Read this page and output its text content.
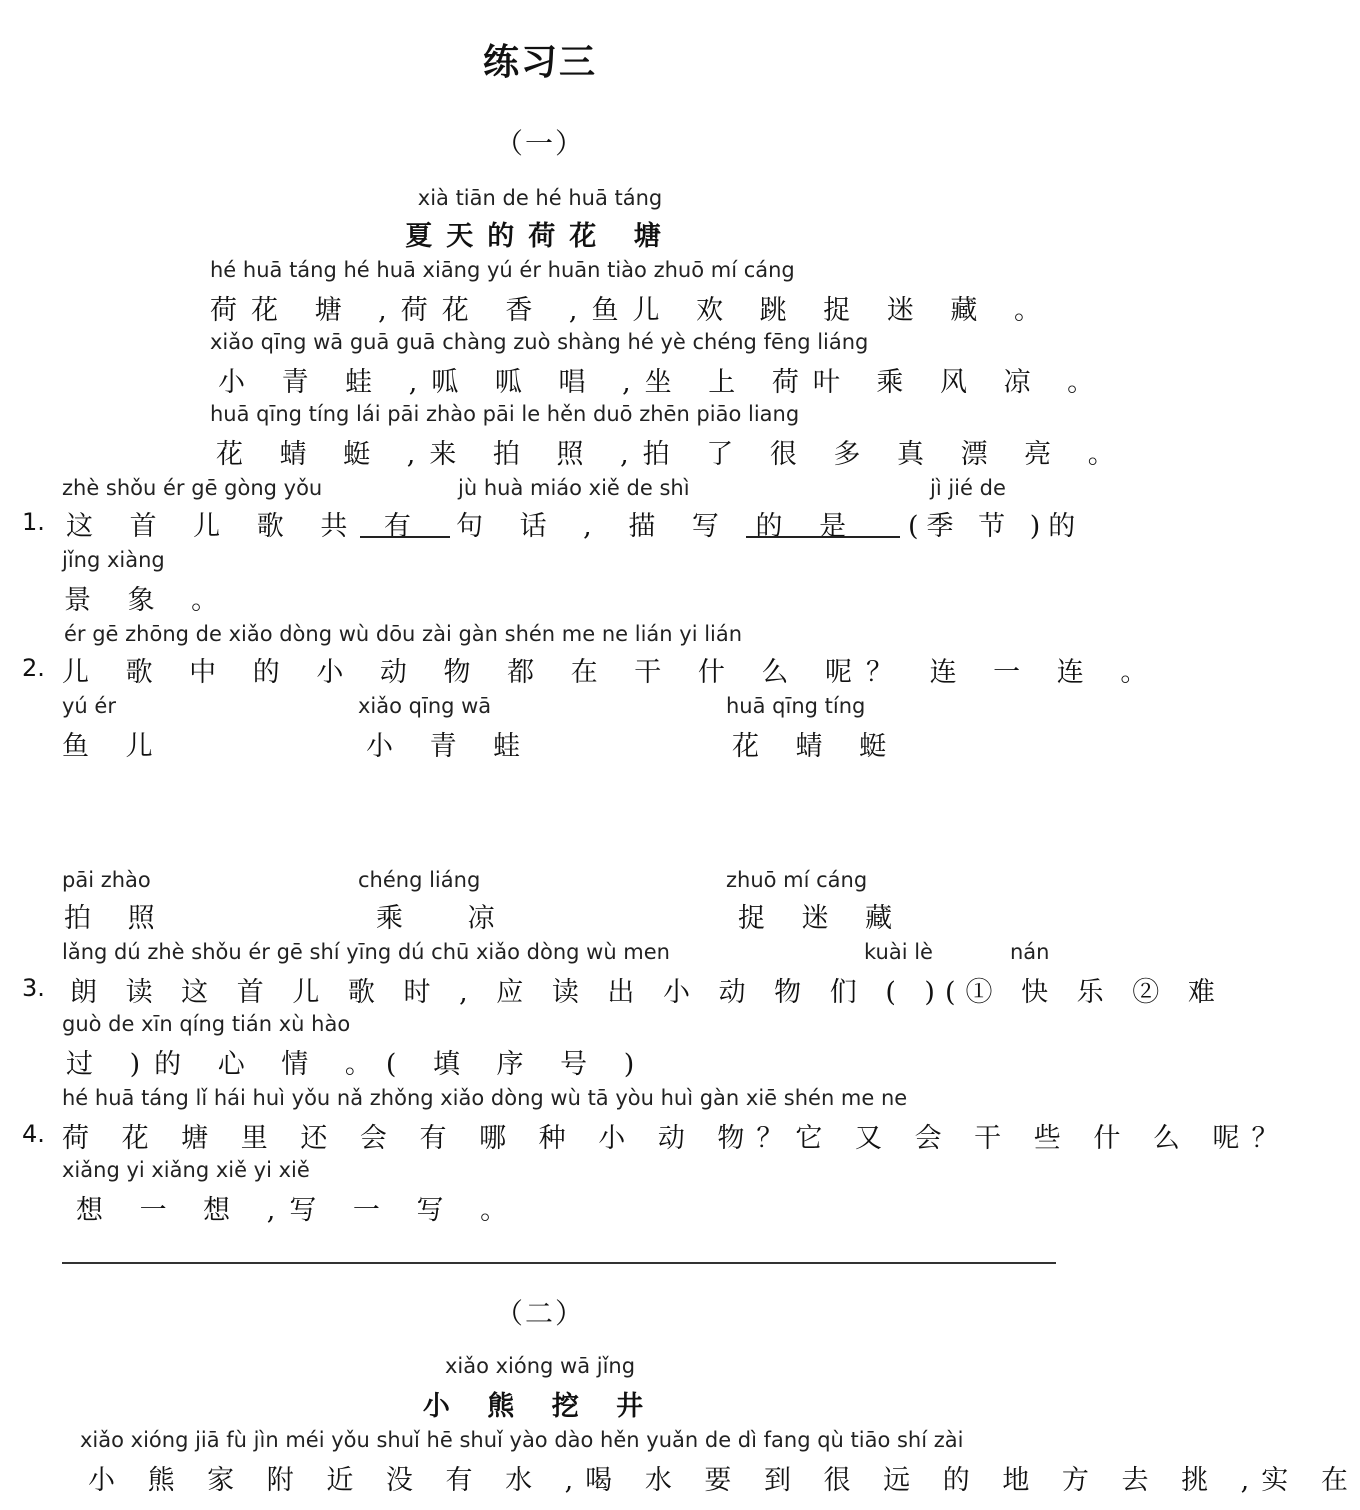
练习三
（一）
xià tiān de hé huā táng
夏天的荷花 塘
hé huā táng hé huā xiāng yú ér huān tiào zhuō mí cáng
荷花 塘 ,荷花 香 ,鱼儿 欢 跳 捉 迷 藏 。
xiǎo qīng wā guā guā chàng zuò shàng hé yè chéng fēng liáng
小 青 蛙 ,呱 呱 唱 ,坐 上 荷叶 乘 风 凉 。
huā qīng tíng lái pāi zhào pāi le hěn duō zhēn piāo liang
花 蜻 蜓 ,来 拍 照 ,拍 了 很 多 真 漂 亮 。
zhè shǒu ér gē gòng yǒu	jù huà miáo xiě de shì	jì jié de
1. 这 首 儿 歌 共 有 句 话 , 描 写 的 是 (季 节 )的
jǐng xiàng
景 象 。
ér gē zhōng de xiǎo dòng wù dōu zài gàn shén me ne lián yi lián
2. 儿 歌 中 的 小 动 物 都 在 干 什 么 呢？ 连 一 连 。
yú ér
鱼 儿
xiǎo qīng wā
小 青 蛙
huā qīng tíng
花 蜻 蜓
pāi zhào
拍 照
chéng liáng
乘 凉
zhuō mí cáng
捉 迷 藏
lǎng dú zhè shǒu ér gē shí yīng dú chū xiǎo dòng wù men	kuài lè	nán
3. 朗 读 这 首 儿 歌 时 , 应 读 出 小 动 物 们 ( )(① 快 乐 ② 难
guò de xīn qíng tián xù hào
过 )的 心 情 。( 填 序 号 )
hé huā táng lǐ hái huì yǒu nǎ zhǒng xiǎo dòng wù tā yòu huì gàn xiē shén me ne
4. 荷 花 塘 里 还 会 有 哪 种 小 动 物？它 又 会 干 些 什 么 呢？
xiǎng yi xiǎng xiě yi xiě
想 一 想 ,写 一 写 。
（二）
xiǎo xióng wā jǐng
小 熊 挖 井
xiǎo xióng jiā fù jìn méi yǒu shuǐ hē shuǐ yào dào hěn yuǎn de dì fang qù tiāo shí zài
小 熊 家 附 近 没 有 水 ,喝 水 要 到 很 远 的 地 方 去 挑 ,实 在
